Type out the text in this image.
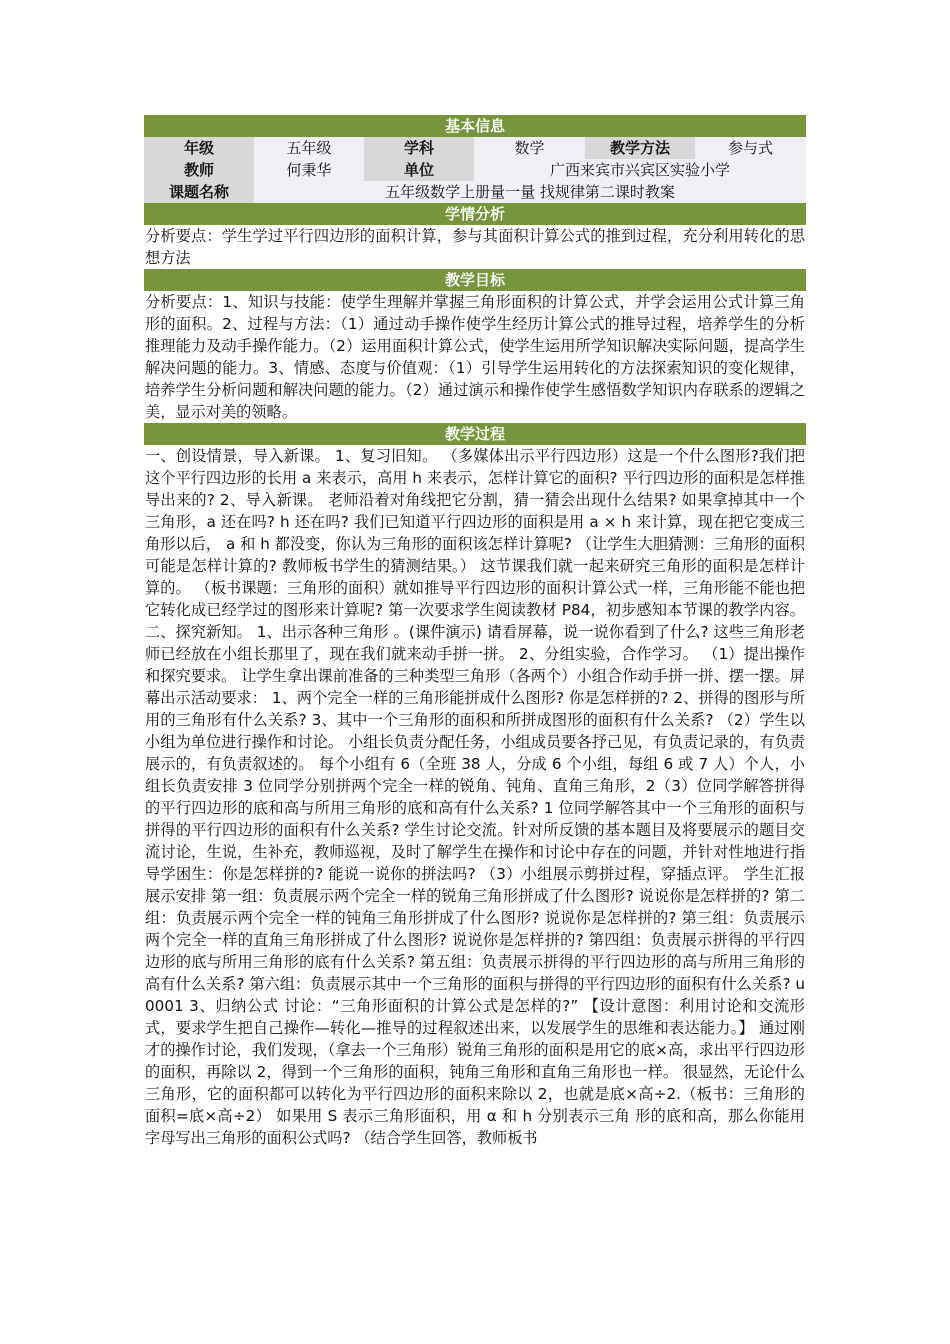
基本信息
年级	五年级	学科	数学	教学方法	参与式
教师	何秉华	单位	广西来宾市兴宾区实验小学
课题名称	五年级数学上册量一量 找规律第二课时教案
学情分析
分析要点：学生学过平行四边形的面积计算，参与其面积计算公式的推到过程，充分利用转化的思想方法
教学目标
分析要点：1、知识与技能：使学生理解并掌握三角形面积的计算公式，并学会运用公式计算三角形的面积。2、过程与方法：（1）通过动手操作使学生经历计算公式的推导过程，培养学生的分析推理能力及动手操作能力。（2）运用面积计算公式，使学生运用所学知识解决实际问题，提高学生解决问题的能力。3、情感、态度与价值观：（1）引导学生运用转化的方法探索知识的变化规律，培养学生分析问题和解决问题的能力。（2）通过演示和操作使学生感悟数学知识内存联系的逻辑之美，显示对美的领略。
教学过程
一、创设情景，导入新课。 1、复习旧知。 （多媒体出示平行四边形）这是一个什么图形?我们把这个平行四边形的长用 a 来表示，高用 h 来表示，怎样计算它的面积? 平行四边形的面积是怎样推导出来的? 2、导入新课。 老师沿着对角线把它分割，猜一猜会出现什么结果? 如果拿掉其中一个三角形，a 还在吗? h 还在吗? 我们已知道平行四边形的面积是用 a × h 来计算，现在把它变成三角形以后， a 和 h 都没变，你认为三角形的面积该怎样计算呢? （让学生大胆猜测：三角形的面积可能是怎样计算的? 教师板书学生的猜测结果。） 这节课我们就一起来研究三角形的面积是怎样计算的。 （板书课题：三角形的面积）就如推导平行四边形的面积计算公式一样，三角形能不能也把它转化成已经学过的图形来计算呢? 第一次要求学生阅读教材 P84，初步感知本节课的教学内容。 二、探究新知。 1、出示各种三角形 。(课件演示) 请看屏幕，说一说你看到了什么? 这些三角形老师已经放在小组长那里了，现在我们就来动手拼一拼。 2、分组实验，合作学习。 （1）提出操作和探究要求。 让学生拿出课前准备的三种类型三角形（各两个）小组合作动手拼一拼、摆一摆。屏幕出示活动要求： 1、两个完全一样的三角形能拼成什么图形? 你是怎样拼的? 2、拼得的图形与所用的三角形有什么关系? 3、其中一个三角形的面积和所拼成图形的面积有什么关系? （2）学生以小组为单位进行操作和讨论。 小组长负责分配任务，小组成员要各抒己见，有负责记录的，有负责展示的，有负责叙述的。 每个小组有 6（全班 38 人，分成 6 个小组，每组 6 或 7 人）个人，小组长负责安排 3 位同学分别拼两个完全一样的锐角、钝角、直角三角形，2（3）位同学解答拼得的平行四边形的底和高与所用三角形的底和高有什么关系? 1 位同学解答其中一个三角形的面积与拼得的平行四边形的面积有什么关系? 学生讨论交流。针对所反馈的基本题目及将要展示的题目交流讨论，生说，生补充，教师巡视，及时了解学生在操作和讨论中存在的问题，并针对性地进行指导学困生：你是怎样拼的? 能说一说你的拼法吗? （3）小组展示剪拼过程，穿插点评。 学生汇报展示安排 第一组：负责展示两个完全一样的锐角三角形拼成了什么图形? 说说你是怎样拼的? 第二组：负责展示两个完全一样的钝角三角形拼成了什么图形? 说说你是怎样拼的? 第三组：负责展示两个完全一样的直角三角形拼成了什么图形? 说说你是怎样拼的? 第四组：负责展示拼得的平行四边形的底与所用三角形的底有什么关系? 第五组：负责展示拼得的平行四边形的高与所用三角形的高有什么关系? 第六组：负责展示其中一个三角形的面积与拼得的平行四边形的面积有什么关系? u0001 3、归纳公式 讨论：“三角形面积的计算公式是怎样的?” 【设计意图：利用讨论和交流形式，要求学生把自己操作—转化—推导的过程叙述出来，以发展学生的思维和表达能力。】 通过刚才的操作讨论，我们发现，（拿去一个三角形）锐角三角形的面积是用它的底×高，求出平行四边形的面积，再除以 2，得到一个三角形的面积，钝角三角形和直角三角形也一样。 很显然，无论什么三角形，它的面积都可以转化为平行四边形的面积来除以 2，也就是底×高÷2.（板书：三角形的面积=底×高÷2） 如果用 S 表示三角形面积，用 α 和 h 分别表示三角 形的底和高，那么你能用字母写出三角形的面积公式吗? （结合学生回答，教师板书
